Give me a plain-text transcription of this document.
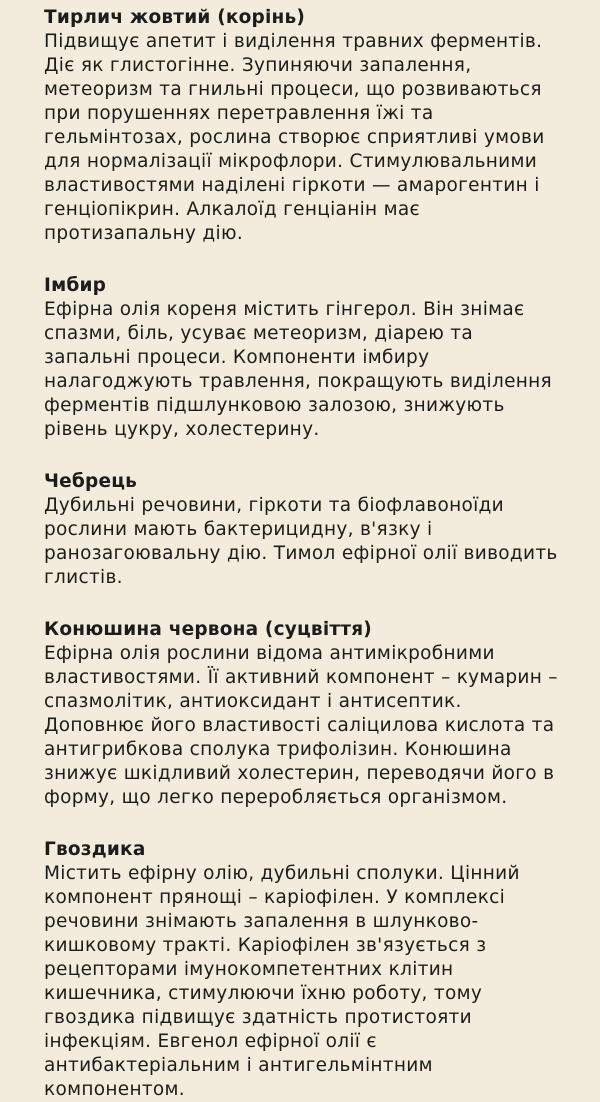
Тирлич жовтий (корінь)

Підвищує апетит і виділення травних ферментів.
Діє як глистогінне. Зупиняючи запалення,
метеоризм та гнильні процеси, що розвиваються
при порушеннях перетравлення їжі та
гельмінтозах, рослина створює сприятливі умови
для нормалізації мікрофлори. Стимулювальними
властивостями наділені гіркоти — амарогентин і
генціопікрин. Алкалоїд генціанін має
протизапальну дію.

Імбир

Ефірна олія кореня містить гінгерол. Він знімає
спазми, біль, усуває метеоризм, діарею та
запальні процеси. Компоненти імбиру
налагоджують травлення, покращують виділення
ферментів підшлунковою залозою, знижують
рівень цукру, холестерину.

Чебрець

Дубильні речовини, гіркоти та біофлавоноїди
рослини мають бактерицидну, в'язку і
ранозагоювальну дію. Тимол ефірної олії виводить
глистів.

Конюшина червона (суцвіття)

Ефірна олія рослини відома антимікробними
властивостями. Її активний компонент – кумарин –
спазмолітик, антиоксидант і антисептик.
Доповнює його властивості саліцилова кислота та
антигрибкова сполука трифолізин. Конюшина
знижує шкідливий холестерин, переводячи його в
форму, що легко переробляється організмом.

Гвоздика

Містить ефірну олію, дубильні сполуки. Цінний
компонент прянощі – каріофілен. У комплексі
речовини знімають запалення в шлунково-
кишковому тракті. Каріофілен зв'язується з
рецепторами імунокомпетентних клітин
кишечника, стимулюючи їхню роботу, тому
гвоздика підвищує здатність протистояти
інфекціям. Евгенол ефірної олії є
антибактеріальним і антигельмінтним
компонентом.
